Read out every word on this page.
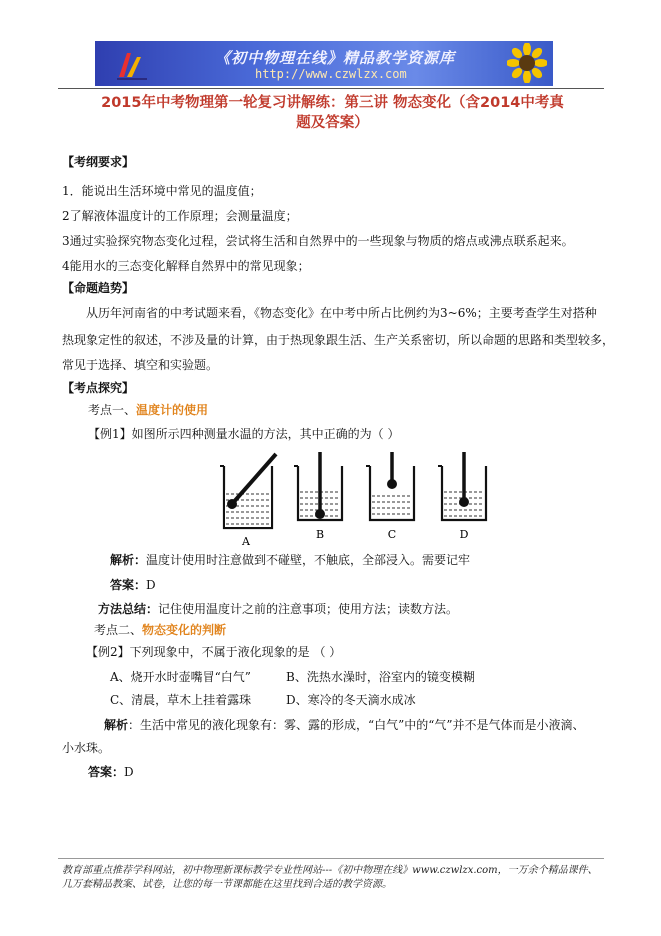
《初中物理在线》精品教学资源库
http://www.czwlzx.com
2015年中考物理第一轮复习讲解练：第三讲 物态变化（含2014中考真
题及答案）
【考纲要求】
1．能说出生活环境中常见的温度值；
2了解液体温度计的工作原理；会测量温度；
3通过实验探究物态变化过程，尝试将生活和自然界中的一些现象与物质的熔点或沸点联系起来。
4能用水的三态变化解释自然界中的常见现象；
【命题趋势】
从历年河南省的中考试题来看，《物态变化》在中考中所占比例约为3~6%；主要考查学生对搭种
热现象定性的叙述，不涉及量的计算，由于热现象跟生活、生产关系密切，所以命题的思路和类型较多，
常见于选择、填空和实验题。
【考点探究】
考点一、温度计的使用
【例1】如图所示四种测量水温的方法，其中正确的为（ ）
A
B	C	D
解析：温度计使用时注意做到不碰壁，不触底，全部浸入。需要记牢
答案：D
方法总结：记住使用温度计之前的注意事项；使用方法；读数方法。
考点二、物态变化的判断
【例2】下列现象中，不属于液化现象的是 （ ）
A、烧开水时壶嘴冒“白气”	B、洗热水澡时，浴室内的镜变模糊
C、清晨，草木上挂着露珠	D、寒冷的冬天滴水成冰
解析：生活中常见的液化现象有：雾、露的形成，“白气”中的“气”并不是气体而是小液滴、
小水珠。
答案：D
教育部重点推荐学科网站，初中物理新课标教学专业性网站---《初中物理在线》www.czwlzx.com，一万余个精品课件、
几万套精品教案、试卷，让您的每一节课都能在这里找到合适的教学资源。
